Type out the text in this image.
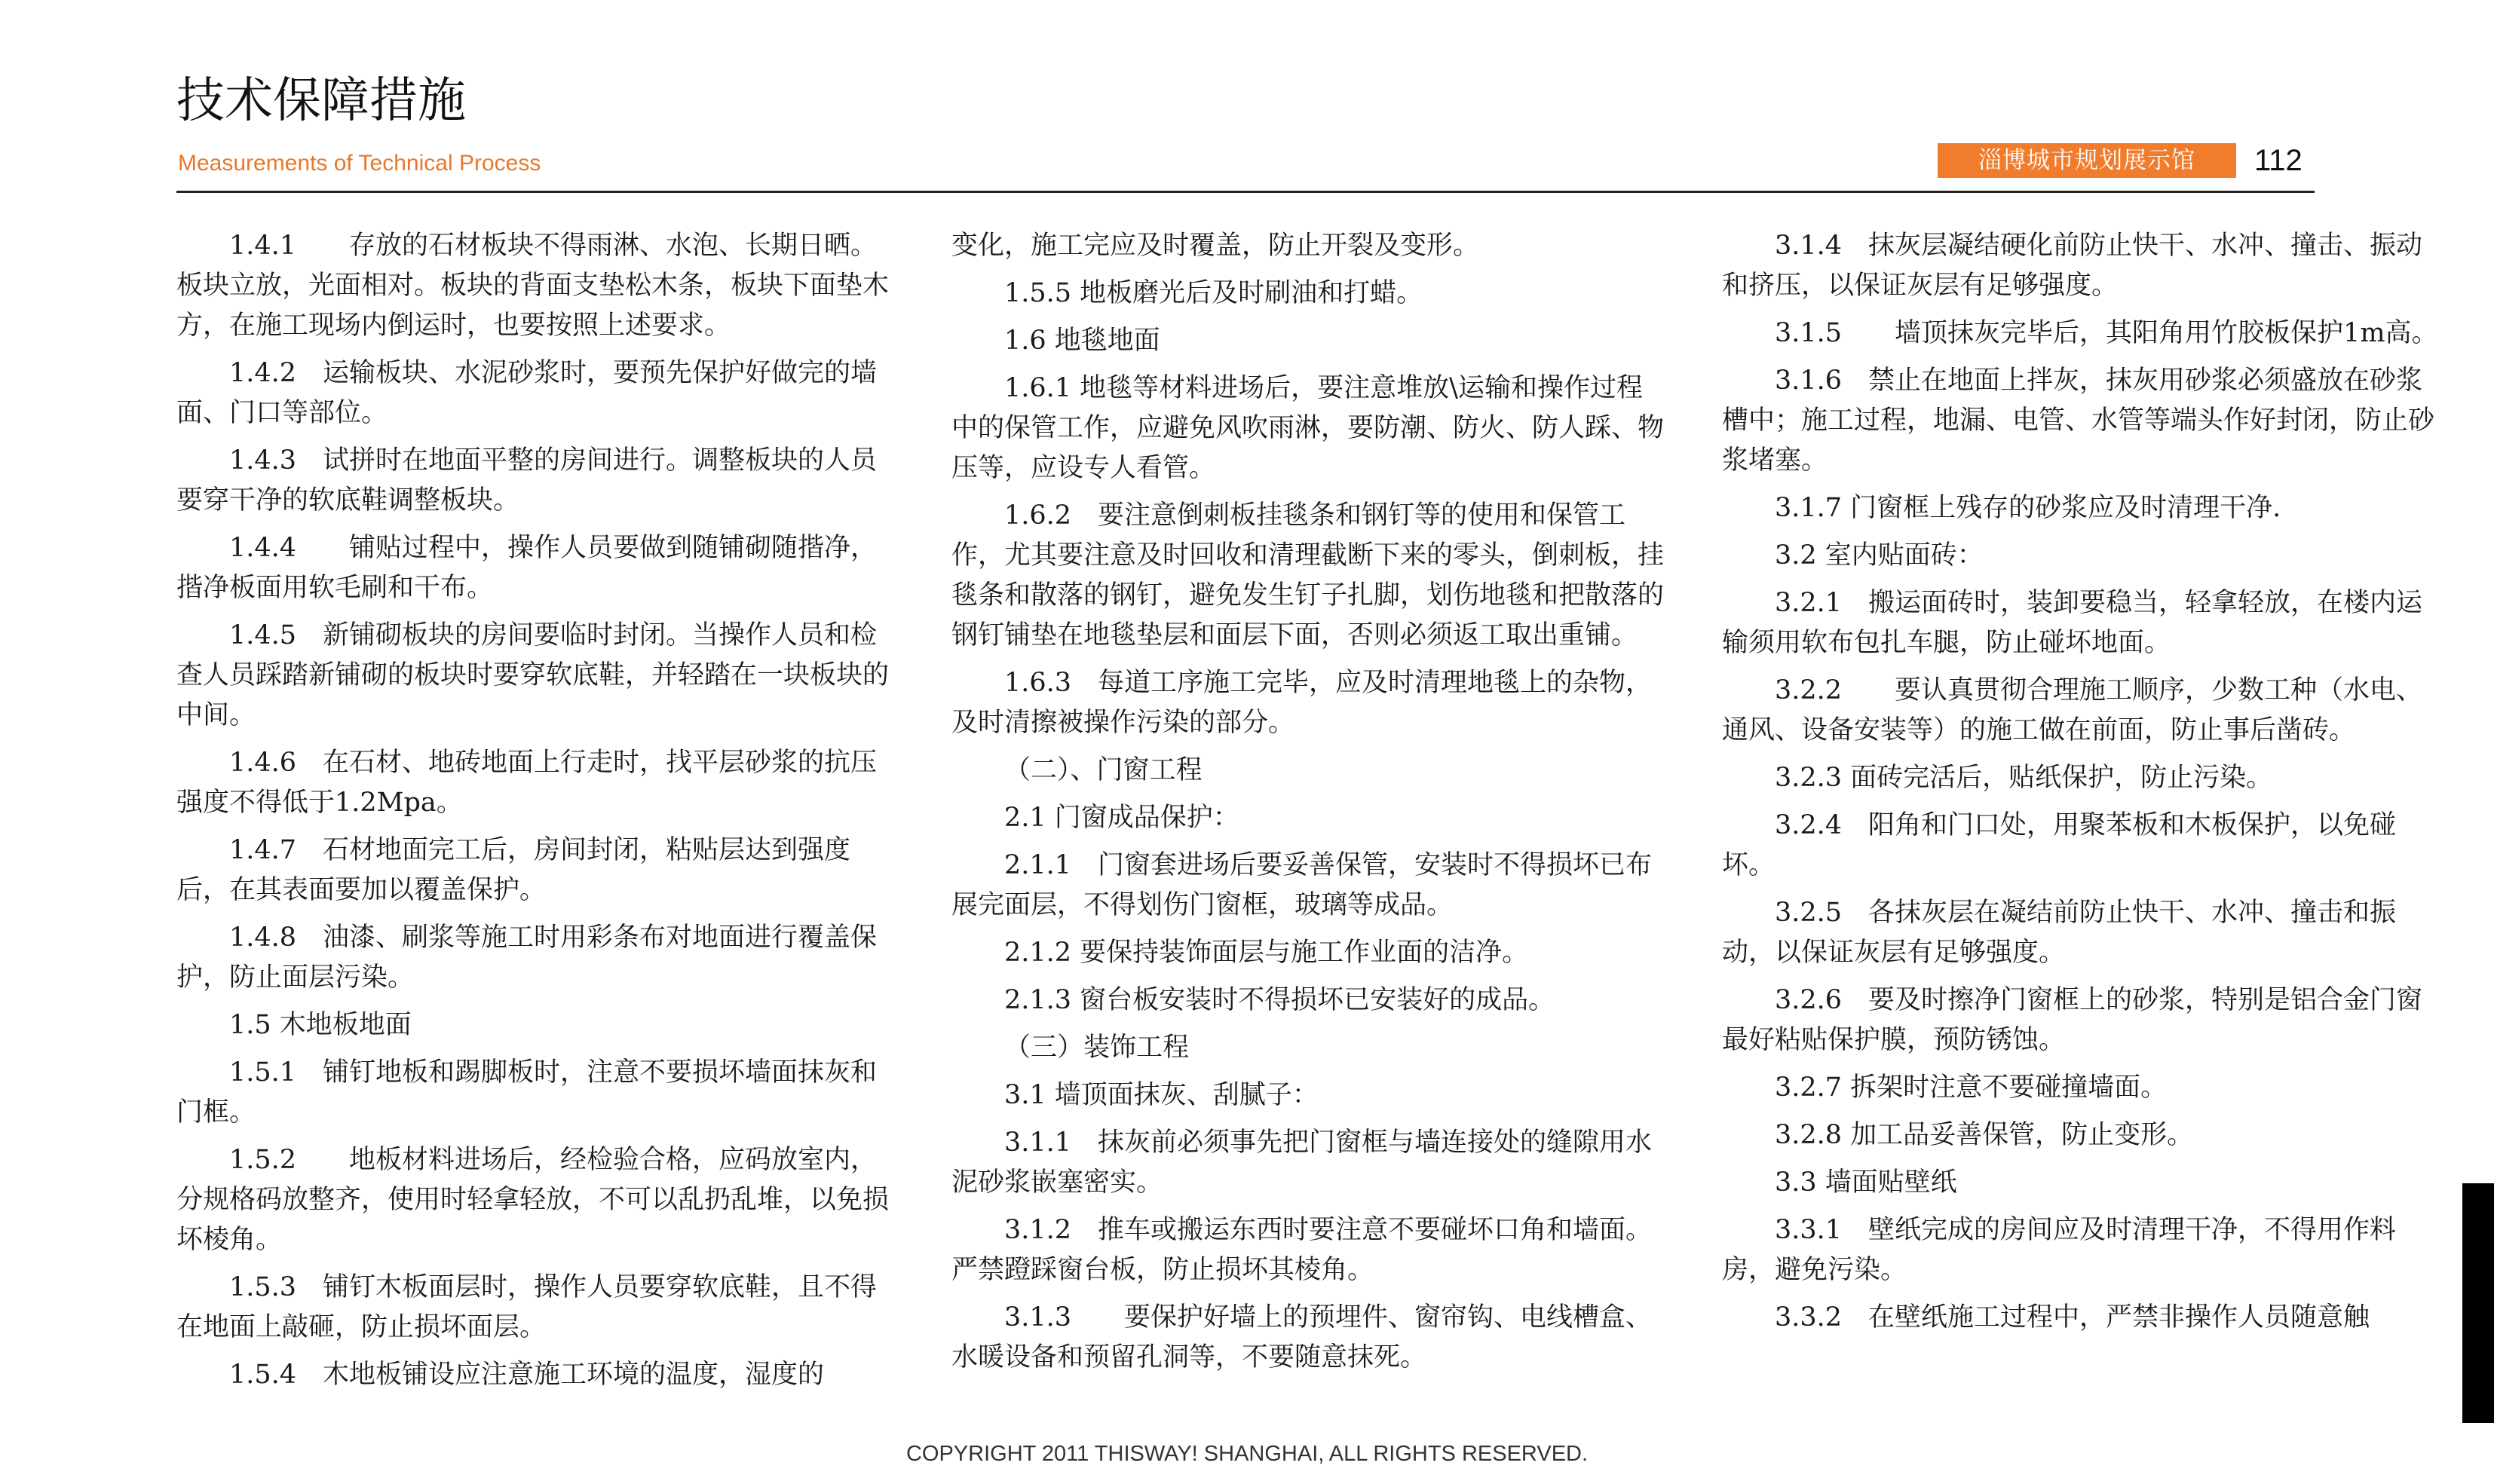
技术保障措施
Measurements of Technical Process	淄博城市规划展示馆	112

1.4.1　　存放的石材板块不得雨淋、水泡、长期日晒。板块立放，光面相对。板块的背面支垫松木条，板块下面垫木方，在施工现场内倒运时，也要按照上述要求。

1.4.2　运输板块、水泥砂浆时，要预先保护好做完的墙面、门口等部位。

1.4.3　试拼时在地面平整的房间进行。调整板块的人员要穿干净的软底鞋调整板块。

1.4.4　　铺贴过程中，操作人员要做到随铺砌随揩净，揩净板面用软毛刷和干布。

1.4.5　新铺砌板块的房间要临时封闭。当操作人员和检查人员踩踏新铺砌的板块时要穿软底鞋，并轻踏在一块板块的中间。

1.4.6　在石材、地砖地面上行走时，找平层砂浆的抗压强度不得低于1.2Mpa。

1.4.7　石材地面完工后，房间封闭，粘贴层达到强度后，在其表面要加以覆盖保护。

1.4.8　油漆、刷浆等施工时用彩条布对地面进行覆盖保护，防止面层污染。

1.5 木地板地面

1.5.1　铺钉地板和踢脚板时，注意不要损坏墙面抹灰和门框。

1.5.2　　地板材料进场后，经检验合格，应码放室内，分规格码放整齐，使用时轻拿轻放，不可以乱扔乱堆，以免损坏棱角。

1.5.3　铺钉木板面层时，操作人员要穿软底鞋，且不得在地面上敲砸，防止损坏面层。

1.5.4　木地板铺设应注意施工环境的温度，湿度的

变化，施工完应及时覆盖，防止开裂及变形。

1.5.5 地板磨光后及时刷油和打蜡。

1.6 地毯地面

1.6.1 地毯等材料进场后，要注意堆放\运输和操作过程中的保管工作，应避免风吹雨淋，要防潮、防火、防人踩、物压等，应设专人看管。

1.6.2　要注意倒刺板挂毯条和钢钉等的使用和保管工作，尤其要注意及时回收和清理截断下来的零头，倒刺板，挂毯条和散落的钢钉，避免发生钉子扎脚，划伤地毯和把散落的钢钉铺垫在地毯垫层和面层下面，否则必须返工取出重铺。

1.6.3　每道工序施工完毕，应及时清理地毯上的杂物，及时清擦被操作污染的部分。

（二）、门窗工程

2.1 门窗成品保护：

2.1.1　门窗套进场后要妥善保管，安装时不得损坏已布展完面层，不得划伤门窗框，玻璃等成品。

2.1.2 要保持装饰面层与施工作业面的洁净。

2.1.3 窗台板安装时不得损坏已安装好的成品。

（三）装饰工程

3.1 墙顶面抹灰、刮腻子：

3.1.1　抹灰前必须事先把门窗框与墙连接处的缝隙用水泥砂浆嵌塞密实。

3.1.2　推车或搬运东西时要注意不要碰坏口角和墙面。严禁蹬踩窗台板，防止损坏其棱角。

3.1.3　　要保护好墙上的预埋件、窗帘钩、电线槽盒、水暖设备和预留孔洞等，不要随意抹死。

3.1.4　抹灰层凝结硬化前防止快干、水冲、撞击、振动和挤压，以保证灰层有足够强度。

3.1.5　　墙顶抹灰完毕后，其阳角用竹胶板保护1m高。

3.1.6　禁止在地面上拌灰，抹灰用砂浆必须盛放在砂浆槽中；施工过程，地漏、电管、水管等端头作好封闭，防止砂浆堵塞。

3.1.7 门窗框上残存的砂浆应及时清理干净.

3.2 室内贴面砖：

3.2.1　搬运面砖时，装卸要稳当，轻拿轻放，在楼内运输须用软布包扎车腿，防止碰坏地面。

3.2.2　　要认真贯彻合理施工顺序，少数工种（水电、通风、设备安装等）的施工做在前面，防止事后凿砖。

3.2.3 面砖完活后，贴纸保护，防止污染。

3.2.4　阳角和门口处，用聚苯板和木板保护，以免碰坏。

3.2.5　各抹灰层在凝结前防止快干、水冲、撞击和振动，以保证灰层有足够强度。

3.2.6　要及时擦净门窗框上的砂浆，特别是铝合金门窗最好粘贴保护膜，预防锈蚀。

3.2.7 拆架时注意不要碰撞墙面。

3.2.8 加工品妥善保管，防止变形。

3.3 墙面贴壁纸

3.3.1　壁纸完成的房间应及时清理干净，不得用作料房，避免污染。

3.3.2　在壁纸施工过程中，严禁非操作人员随意触

COPYRIGHT 2011 THISWAY! SHANGHAI, ALL RIGHTS RESERVED.
